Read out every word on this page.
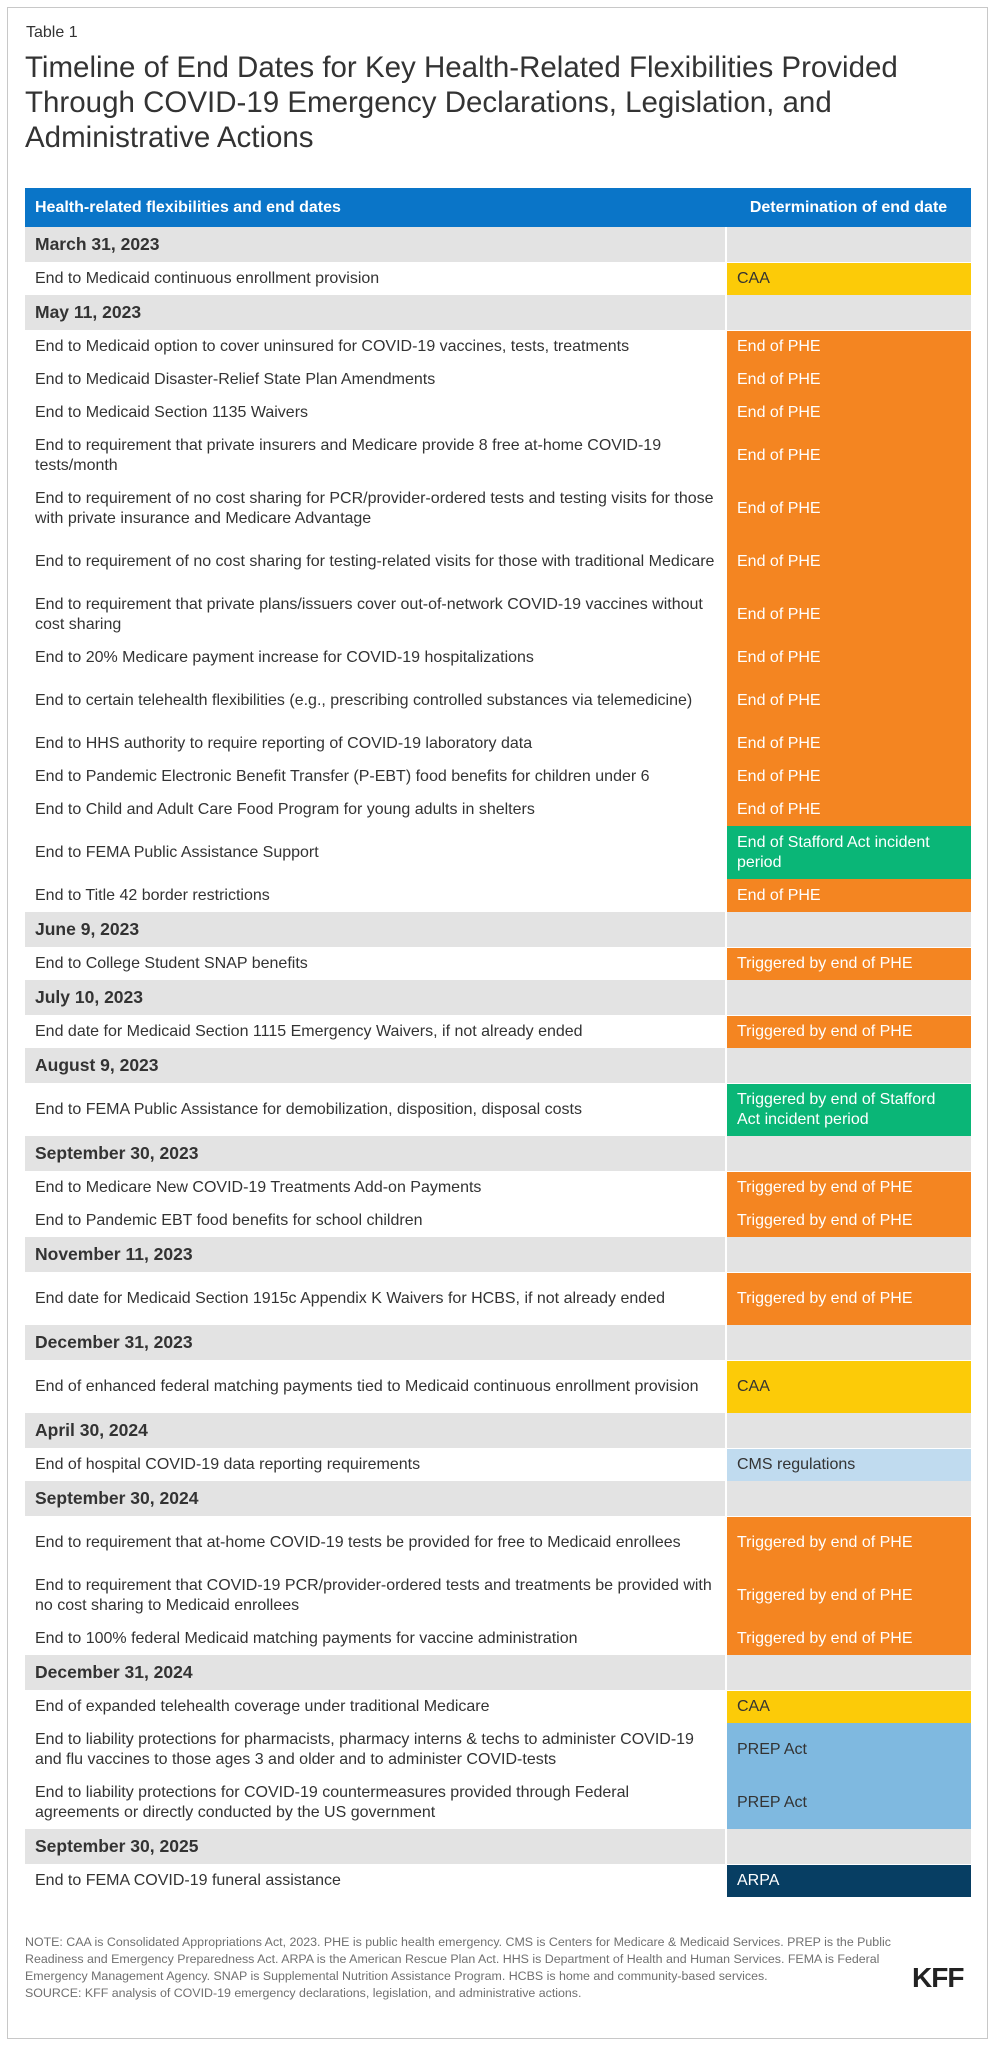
Table 1
Timeline of End Dates for Key Health-Related Flexibilities Provided Through COVID-19 Emergency Declarations, Legislation, and Administrative Actions
Health-related flexibilities and end dates	Determination of end date
March 31, 2023	
End to Medicaid continuous enrollment provision	CAA
May 11, 2023	
End to Medicaid option to cover uninsured for COVID-19 vaccines, tests, treatments	End of PHE
End to Medicaid Disaster-Relief State Plan Amendments	End of PHE
End to Medicaid Section 1135 Waivers	End of PHE
End to requirement that private insurers and Medicare provide 8 free at-home COVID-19 tests/month	End of PHE
End to requirement of no cost sharing for PCR/provider-ordered tests and testing visits for those with private insurance and Medicare Advantage	End of PHE
End to requirement of no cost sharing for testing-related visits for those with traditional Medicare	End of PHE
End to requirement that private plans/issuers cover out-of-network COVID-19 vaccines without cost sharing	End of PHE
End to 20% Medicare payment increase for COVID-19 hospitalizations	End of PHE
End to certain telehealth flexibilities (e.g., prescribing controlled substances via telemedicine)	End of PHE
End to HHS authority to require reporting of COVID-19 laboratory data	End of PHE
End to Pandemic Electronic Benefit Transfer (P-EBT) food benefits for children under 6	End of PHE
End to Child and Adult Care Food Program for young adults in shelters	End of PHE
End to FEMA Public Assistance Support	End of Stafford Act incident period
End to Title 42 border restrictions	End of PHE
June 9, 2023	
End to College Student SNAP benefits	Triggered by end of PHE
July 10, 2023	
End date for Medicaid Section 1115 Emergency Waivers, if not already ended	Triggered by end of PHE
August 9, 2023	
End to FEMA Public Assistance for demobilization, disposition, disposal costs	Triggered by end of Stafford Act incident period
September 30, 2023	
End to Medicare New COVID-19 Treatments Add-on Payments	Triggered by end of PHE
End to Pandemic EBT food benefits for school children	Triggered by end of PHE
November 11, 2023	
End date for Medicaid Section 1915c Appendix K Waivers for HCBS, if not already ended	Triggered by end of PHE
December 31, 2023	
End of enhanced federal matching payments tied to Medicaid continuous enrollment provision	CAA
April 30, 2024	
End of hospital COVID-19 data reporting requirements	CMS regulations
September 30, 2024	
End to requirement that at-home COVID-19 tests be provided for free to Medicaid enrollees	Triggered by end of PHE
End to requirement that COVID-19 PCR/provider-ordered tests and treatments be provided with no cost sharing to Medicaid enrollees	Triggered by end of PHE
End to 100% federal Medicaid matching payments for vaccine administration	Triggered by end of PHE
December 31, 2024	
End of expanded telehealth coverage under traditional Medicare	CAA
End to liability protections for pharmacists, pharmacy interns & techs to administer COVID-19 and flu vaccines to those ages 3 and older and to administer COVID-tests	PREP Act
End to liability protections for COVID-19 countermeasures provided through Federal agreements or directly conducted by the US government	PREP Act
September 30, 2025	
End to FEMA COVID-19 funeral assistance	ARPA
NOTE: CAA is Consolidated Appropriations Act, 2023. PHE is public health emergency. CMS is Centers for Medicare & Medicaid Services. PREP is the Public Readiness and Emergency Preparedness Act. ARPA is the American Rescue Plan Act. HHS is Department of Health and Human Services. FEMA is Federal Emergency Management Agency. SNAP is Supplemental Nutrition Assistance Program. HCBS is home and community-based services.
SOURCE: KFF analysis of COVID-19 emergency declarations, legislation, and administrative actions.	KFF
